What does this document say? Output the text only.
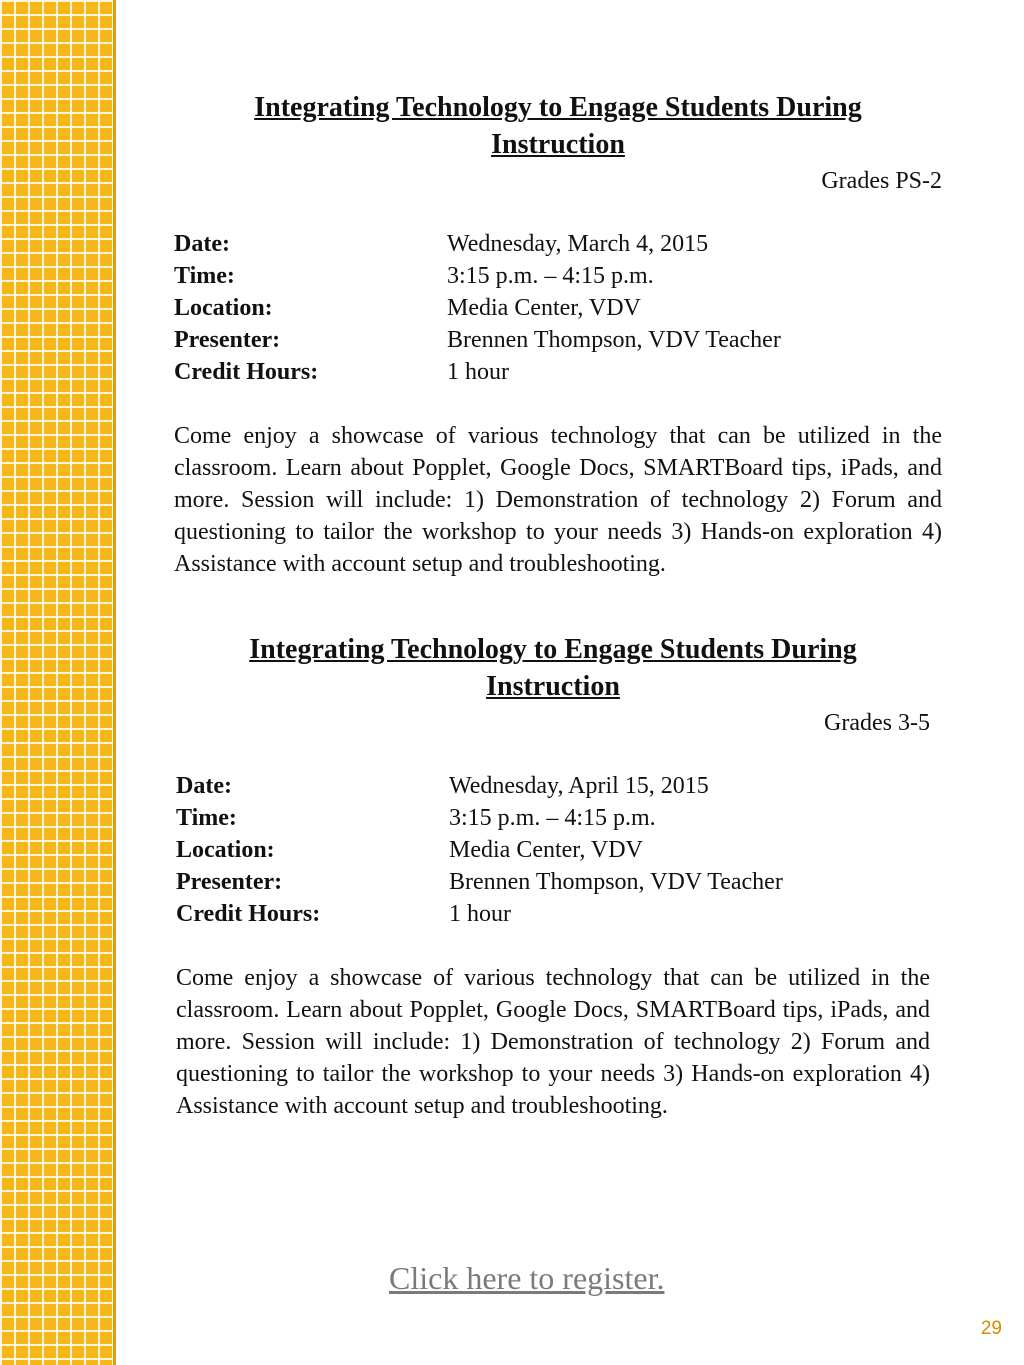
Integrating Technology to Engage Students During Instruction
Grades PS-2
Date:	Wednesday, March 4, 2015
Time:	3:15 p.m. – 4:15 p.m.
Location:	Media Center, VDV
Presenter:	Brennen Thompson, VDV Teacher
Credit Hours:	1 hour

Come enjoy a showcase of various technology that can be utilized in the classroom. Learn about Popplet, Google Docs, SMARTBoard tips, iPads, and more. Session will include: 1) Demonstration of technology 2) Forum and questioning to tailor the workshop to your needs 3) Hands-on exploration 4) Assistance with account setup and troubleshooting.

Integrating Technology to Engage Students During Instruction
Grades 3-5
Date:	Wednesday, April 15, 2015
Time:	3:15 p.m. – 4:15 p.m.
Location:	Media Center, VDV
Presenter:	Brennen Thompson, VDV Teacher
Credit Hours:	1 hour

Come enjoy a showcase of various technology that can be utilized in the classroom. Learn about Popplet, Google Docs, SMARTBoard tips, iPads, and more. Session will include: 1) Demonstration of technology 2) Forum and questioning to tailor the workshop to your needs 3) Hands-on exploration 4) Assistance with account setup and troubleshooting.

Click here to register.
29
